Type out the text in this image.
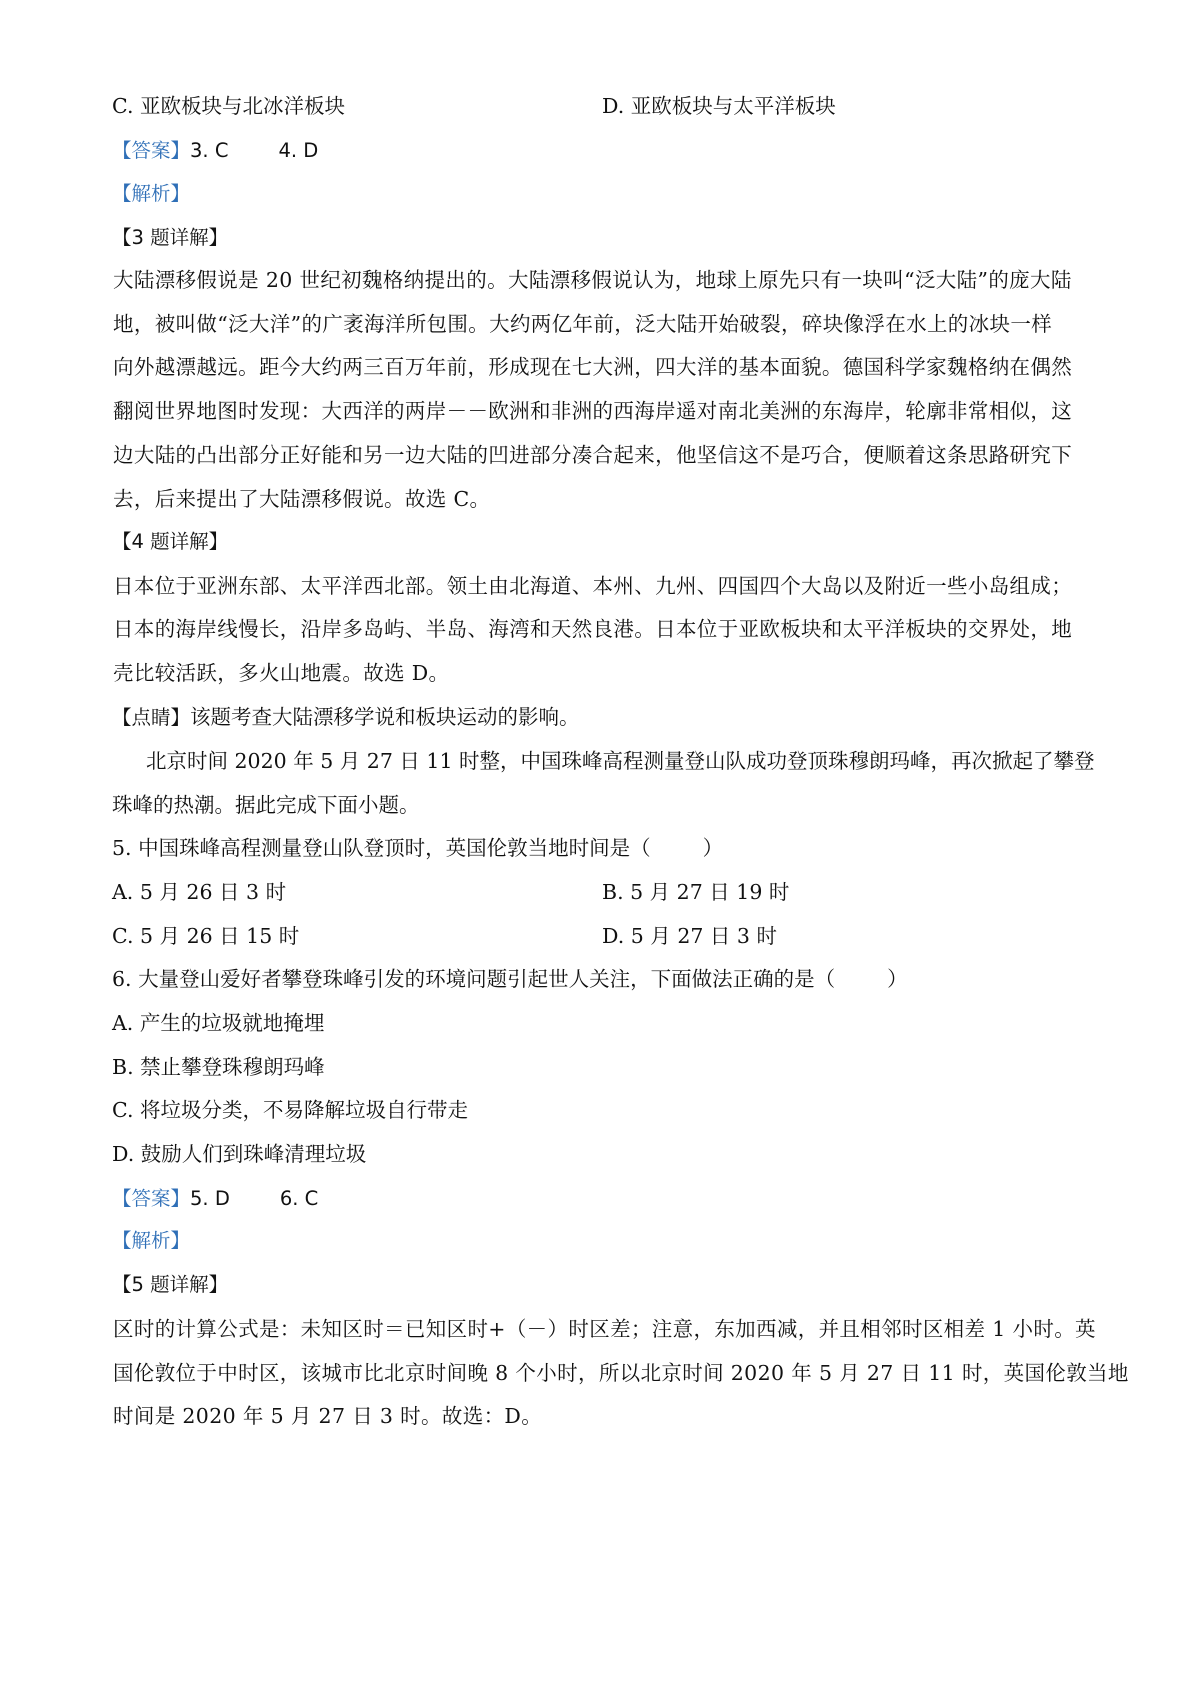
C. 亚欧板块与北冰洋板块	D. 亚欧板块与太平洋板块
【答案】3. C	4. D
【解析】
【3 题详解】
大陆漂移假说是 20 世纪初魏格纳提出的。大陆漂移假说认为，地球上原先只有一块叫“泛大陆”的庞大陆
地，被叫做“泛大洋”的广袤海洋所包围。大约两亿年前，泛大陆开始破裂，碎块像浮在水上的冰块一样
向外越漂越远。距今大约两三百万年前，形成现在七大洲，四大洋的基本面貌。德国科学家魏格纳在偶然
翻阅世界地图时发现：大西洋的两岸－－欧洲和非洲的西海岸遥对南北美洲的东海岸，轮廓非常相似，这
边大陆的凸出部分正好能和另一边大陆的凹进部分凑合起来，他坚信这不是巧合，便顺着这条思路研究下
去，后来提出了大陆漂移假说。故选 C。
【4 题详解】
日本位于亚洲东部、太平洋西北部。领土由北海道、本州、九州、四国四个大岛以及附近一些小岛组成；
日本的海岸线慢长，沿岸多岛屿、半岛、海湾和天然良港。日本位于亚欧板块和太平洋板块的交界处，地
壳比较活跃，多火山地震。故选 D。
【点睛】该题考查大陆漂移学说和板块运动的影响。
北京时间 2020 年 5 月 27 日 11 时整，中国珠峰高程测量登山队成功登顶珠穆朗玛峰，再次掀起了攀登
珠峰的热潮。据此完成下面小题。
5. 中国珠峰高程测量登山队登顶时，英国伦敦当地时间是（	）
A. 5 月 26 日 3 时	B. 5 月 27 日 19 时
C. 5 月 26 日 15 时	D. 5 月 27 日 3 时
6. 大量登山爱好者攀登珠峰引发的环境问题引起世人关注，下面做法正确的是（	）
A. 产生的垃圾就地掩埋
B. 禁止攀登珠穆朗玛峰
C. 将垃圾分类，不易降解垃圾自行带走
D. 鼓励人们到珠峰清理垃圾
【答案】5. D	6. C
【解析】
【5 题详解】
区时的计算公式是：未知区时＝已知区时+（－）时区差；注意，东加西减，并且相邻时区相差 1 小时。英
国伦敦位于中时区，该城市比北京时间晚 8 个小时，所以北京时间 2020 年 5 月 27 日 11 时，英国伦敦当地
时间是 2020 年 5 月 27 日 3 时。故选：D。
